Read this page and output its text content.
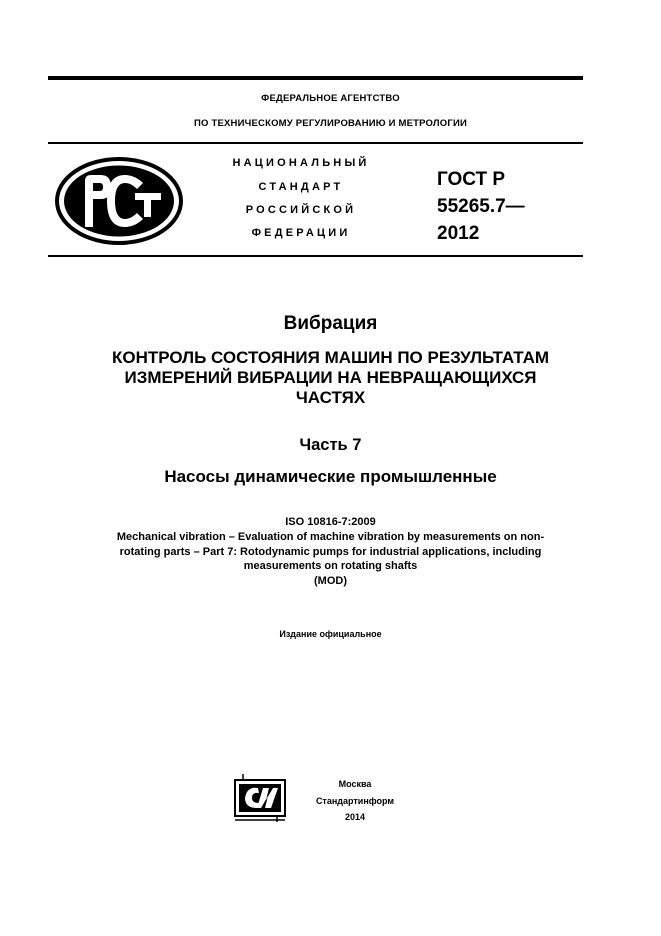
ФЕДЕРАЛЬНОЕ АГЕНТСТВО
ПО ТЕХНИЧЕСКОМУ РЕГУЛИРОВАНИЮ И МЕТРОЛОГИИ
НАЦИОНАЛЬНЫЙ
СТАНДАРТ
РОССИЙСКОЙ
ФЕДЕРАЦИИ
ГОСТ Р
55265.7—
2012
Вибрация
КОНТРОЛЬ СОСТОЯНИЯ МАШИН ПО РЕЗУЛЬТАТАМ
ИЗМЕРЕНИЙ ВИБРАЦИИ НА НЕВРАЩАЮЩИХСЯ
ЧАСТЯХ
Часть 7
Насосы динамические промышленные
ISO 10816-7:2009
Mechanical vibration – Evaluation of machine vibration by measurements on non-
rotating parts – Part 7: Rotodynamic pumps for industrial applications, including
measurements on rotating shafts
(MOD)
Издание официальное
Москва
Стандартинформ
2014
